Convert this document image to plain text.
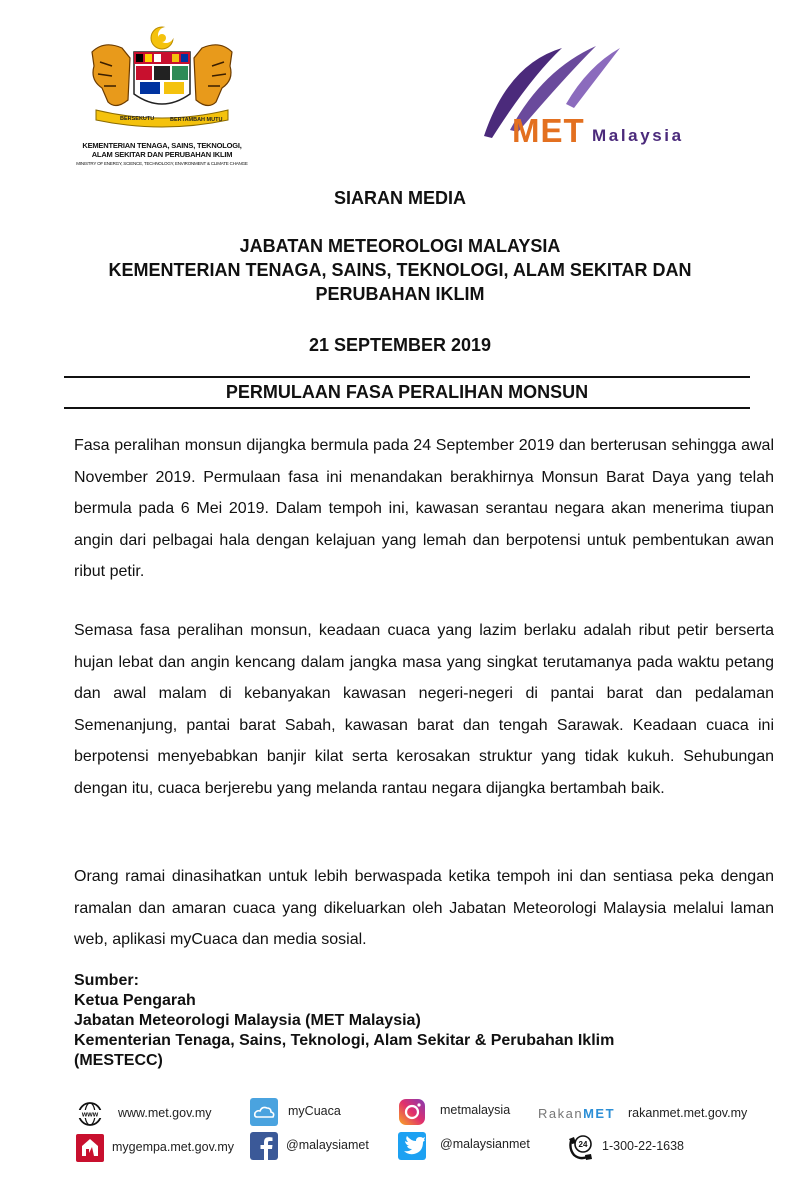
BERSEKUTU	BERTAMBAH MUTU
KEMENTERIAN TENAGA, SAINS, TEKNOLOGI,
ALAM SEKITAR DAN PERUBAHAN IKLIM
MINISTRY OF ENERGY, SCIENCE, TECHNOLOGY, ENVIRONMENT & CLIMATE CHANGE
MET Malaysia
SIARAN MEDIA
JABATAN METEOROLOGI MALAYSIA
KEMENTERIAN TENAGA, SAINS, TEKNOLOGI, ALAM SEKITAR DAN
PERUBAHAN IKLIM
21 SEPTEMBER 2019
PERMULAAN FASA PERALIHAN MONSUN
Fasa peralihan monsun dijangka bermula pada 24 September 2019 dan berterusan sehingga awal November 2019. Permulaan fasa ini menandakan berakhirnya Monsun Barat Daya yang telah bermula pada 6 Mei 2019. Dalam tempoh ini, kawasan serantau negara akan menerima tiupan angin dari pelbagai hala dengan kelajuan yang lemah dan berpotensi untuk pembentukan awan ribut petir.
Semasa fasa peralihan monsun, keadaan cuaca yang lazim berlaku adalah ribut petir berserta hujan lebat dan angin kencang dalam jangka masa yang singkat terutamanya pada waktu petang dan awal malam di kebanyakan kawasan negeri-negeri di pantai barat dan pedalaman Semenanjung, pantai barat Sabah, kawasan barat dan tengah Sarawak. Keadaan cuaca ini berpotensi menyebabkan banjir kilat serta kerosakan struktur yang tidak kukuh. Sehubungan dengan itu, cuaca berjerebu yang melanda rantau negara dijangka bertambah baik.
Orang ramai dinasihatkan untuk lebih berwaspada ketika tempoh ini dan sentiasa peka dengan ramalan dan amaran cuaca yang dikeluarkan oleh Jabatan Meteorologi Malaysia melalui laman web, aplikasi myCuaca dan media sosial.
Sumber:
Ketua Pengarah
Jabatan Meteorologi Malaysia (MET Malaysia)
Kementerian Tenaga, Sains, Teknologi, Alam Sekitar & Perubahan Iklim
(MESTECC)
www www.met.gov.my	myCuaca	metmalaysia RakanMET rakanmet.met.gov.my
mygempa.met.gov.my	@malaysiamet	@malaysianmet	24 1-300-22-1638
